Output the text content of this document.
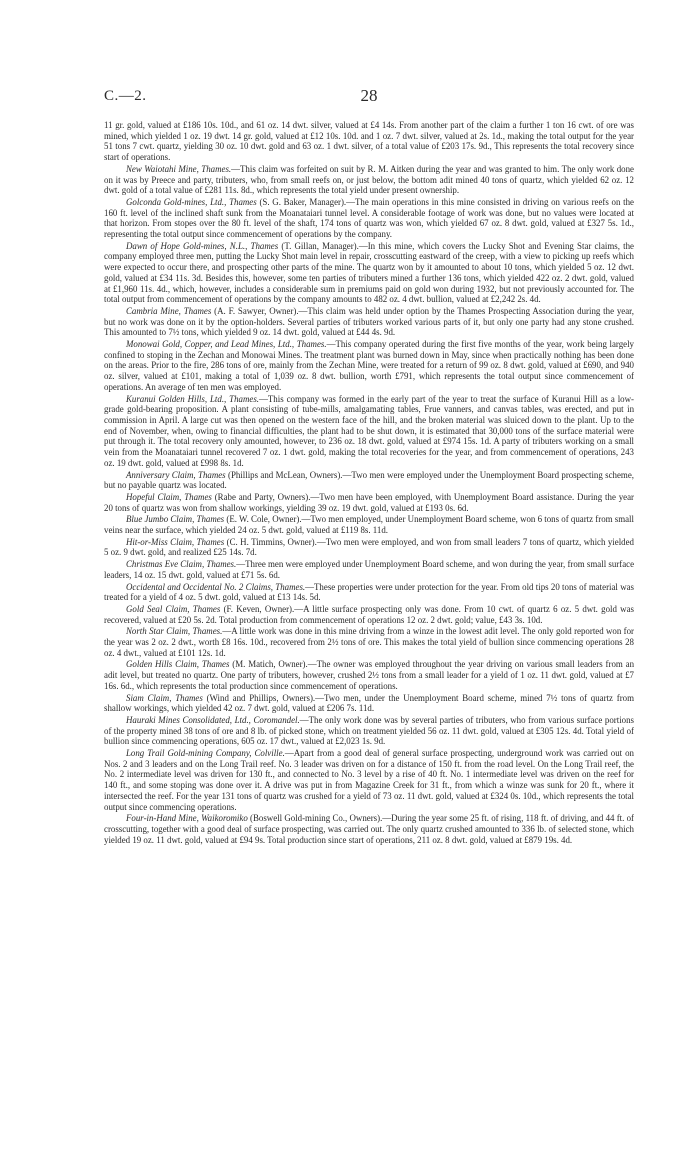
C.—2.	28

11 gr. gold, valued at £186 10s. 10d., and 61 oz. 14 dwt. silver, valued at £4 14s. From another part of the claim a further 1 ton 16 cwt. of ore was mined, which yielded 1 oz. 19 dwt. 14 gr. gold, valued at £12 10s. 10d. and 1 oz. 7 dwt. silver, valued at 2s. 1d., making the total output for the year 51 tons 7 cwt. quartz, yielding 30 oz. 10 dwt. gold and 63 oz. 1 dwt. silver, of a total value of £203 17s. 9d., This represents the total recovery since start of operations.

New Waiotahi Mine, Thames.—This claim was forfeited on suit by R. M. Aitken during the year and was granted to him. The only work done on it was by Preece and party, tributers, who, from small reefs on, or just below, the bottom adit mined 40 tons of quartz, which yielded 62 oz. 12 dwt. gold of a total value of £281 11s. 8d., which represents the total yield under present ownership.

Golconda Gold-mines, Ltd., Thames (S. G. Baker, Manager).—The main operations in this mine consisted in driving on various reefs on the 160 ft. level of the inclined shaft sunk from the Moanataiari tunnel level. A considerable footage of work was done, but no values were located at that horizon. From stopes over the 80 ft. level of the shaft, 174 tons of quartz was won, which yielded 67 oz. 8 dwt. gold, valued at £327 5s. 1d., representing the total output since commencement of operations by the company.

Dawn of Hope Gold-mines, N.L., Thames (T. Gillan, Manager).—In this mine, which covers the Lucky Shot and Evening Star claims, the company employed three men, putting the Lucky Shot main level in repair, crosscutting eastward of the creep, with a view to picking up reefs which were expected to occur there, and prospecting other parts of the mine. The quartz won by it amounted to about 10 tons, which yielded 5 oz. 12 dwt. gold, valued at £34 11s. 3d. Besides this, however, some ten parties of tributers mined a further 136 tons, which yielded 422 oz. 2 dwt. gold, valued at £1,960 11s. 4d., which, however, includes a considerable sum in premiums paid on gold won during 1932, but not previously accounted for. The total output from commencement of operations by the company amounts to 482 oz. 4 dwt. bullion, valued at £2,242 2s. 4d.

Cambria Mine, Thames (A. F. Sawyer, Owner).—This claim was held under option by the Thames Prospecting Association during the year, but no work was done on it by the option-holders. Several parties of tributers worked various parts of it, but only one party had any stone crushed. This amounted to 7½ tons, which yielded 9 oz. 14 dwt. gold, valued at £44 4s. 9d.

Monowai Gold, Copper, and Lead Mines, Ltd., Thames.—This company operated during the first five months of the year, work being largely confined to stoping in the Zechan and Monowai Mines. The treatment plant was burned down in May, since when practically nothing has been done on the areas. Prior to the fire, 286 tons of ore, mainly from the Zechan Mine, were treated for a return of 99 oz. 8 dwt. gold, valued at £690, and 940 oz. silver, valued at £101, making a total of 1,039 oz. 8 dwt. bullion, worth £791, which represents the total output since commencement of operations. An average of ten men was employed.

Kuranui Golden Hills, Ltd., Thames.—This company was formed in the early part of the year to treat the surface of Kuranui Hill as a low-grade gold-bearing proposition. A plant consisting of tube-mills, amalgamating tables, Frue vanners, and canvas tables, was erected, and put in commission in April. A large cut was then opened on the western face of the hill, and the broken material was sluiced down to the plant. Up to the end of November, when, owing to financial difficulties, the plant had to be shut down, it is estimated that 30,000 tons of the surface material were put through it. The total recovery only amounted, however, to 236 oz. 18 dwt. gold, valued at £974 15s. 1d. A party of tributers working on a small vein from the Moanataiari tunnel recovered 7 oz. 1 dwt. gold, making the total recoveries for the year, and from commencement of operations, 243 oz. 19 dwt. gold, valued at £998 8s. 1d.

Anniversary Claim, Thames (Phillips and McLean, Owners).—Two men were employed under the Unemployment Board prospecting scheme, but no payable quartz was located.

Hopeful Claim, Thames (Rabe and Party, Owners).—Two men have been employed, with Unemployment Board assistance. During the year 20 tons of quartz was won from shallow workings, yielding 39 oz. 19 dwt. gold, valued at £193 0s. 6d.

Blue Jumbo Claim, Thames (E. W. Cole, Owner).—Two men employed, under Unemployment Board scheme, won 6 tons of quartz from small veins near the surface, which yielded 24 oz. 5 dwt. gold, valued at £119 8s. 11d.

Hit-or-Miss Claim, Thames (C. H. Timmins, Owner).—Two men were employed, and won from small leaders 7 tons of quartz, which yielded 5 oz. 9 dwt. gold, and realized £25 14s. 7d.

Christmas Eve Claim, Thames.—Three men were employed under Unemployment Board scheme, and won during the year, from small surface leaders, 14 oz. 15 dwt. gold, valued at £71 5s. 6d.

Occidental and Occidental No. 2 Claims, Thames.—These properties were under protection for the year. From old tips 20 tons of material was treated for a yield of 4 oz. 5 dwt. gold, valued at £13 14s. 5d.

Gold Seal Claim, Thames (F. Keven, Owner).—A little surface prospecting only was done. From 10 cwt. of quartz 6 oz. 5 dwt. gold was recovered, valued at £20 5s. 2d. Total production from commencement of operations 12 oz. 2 dwt. gold; value, £43 3s. 10d.

North Star Claim, Thames.—A little work was done in this mine driving from a winze in the lowest adit level. The only gold reported won for the year was 2 oz. 2 dwt., worth £8 16s. 10d., recovered from 2½ tons of ore. This makes the total yield of bullion since commencing operations 28 oz. 4 dwt., valued at £101 12s. 1d.

Golden Hills Claim, Thames (M. Matich, Owner).—The owner was employed throughout the year driving on various small leaders from an adit level, but treated no quartz. One party of tributers, however, crushed 2½ tons from a small leader for a yield of 1 oz. 11 dwt. gold, valued at £7 16s. 6d., which represents the total production since commencement of operations.

Siam Claim, Thames (Wind and Phillips, Owners).—Two men, under the Unemployment Board scheme, mined 7½ tons of quartz from shallow workings, which yielded 42 oz. 7 dwt. gold, valued at £206 7s. 11d.

Hauraki Mines Consolidated, Ltd., Coromandel.—The only work done was by several parties of tributers, who from various surface portions of the property mined 38 tons of ore and 8 lb. of picked stone, which on treatment yielded 56 oz. 11 dwt. gold, valued at £305 12s. 4d. Total yield of bullion since commencing operations, 605 oz. 17 dwt., valued at £2,023 1s. 9d.

Long Trail Gold-mining Company, Colville.—Apart from a good deal of general surface prospecting, underground work was carried out on Nos. 2 and 3 leaders and on the Long Trail reef. No. 3 leader was driven on for a distance of 150 ft. from the road level. On the Long Trail reef, the No. 2 intermediate level was driven for 130 ft., and connected to No. 3 level by a rise of 40 ft. No. 1 intermediate level was driven on the reef for 140 ft., and some stoping was done over it. A drive was put in from Magazine Creek for 31 ft., from which a winze was sunk for 20 ft., where it intersected the reef. For the year 131 tons of quartz was crushed for a yield of 73 oz. 11 dwt. gold, valued at £324 0s. 10d., which represents the total output since commencing operations.

Four-in-Hand Mine, Waikoromiko (Boswell Gold-mining Co., Owners).—During the year some 25 ft. of rising, 118 ft. of driving, and 44 ft. of crosscutting, together with a good deal of surface prospecting, was carried out. The only quartz crushed amounted to 336 lb. of selected stone, which yielded 19 oz. 11 dwt. gold, valued at £94 9s. Total production since start of operations, 211 oz. 8 dwt. gold, valued at £879 19s. 4d.
